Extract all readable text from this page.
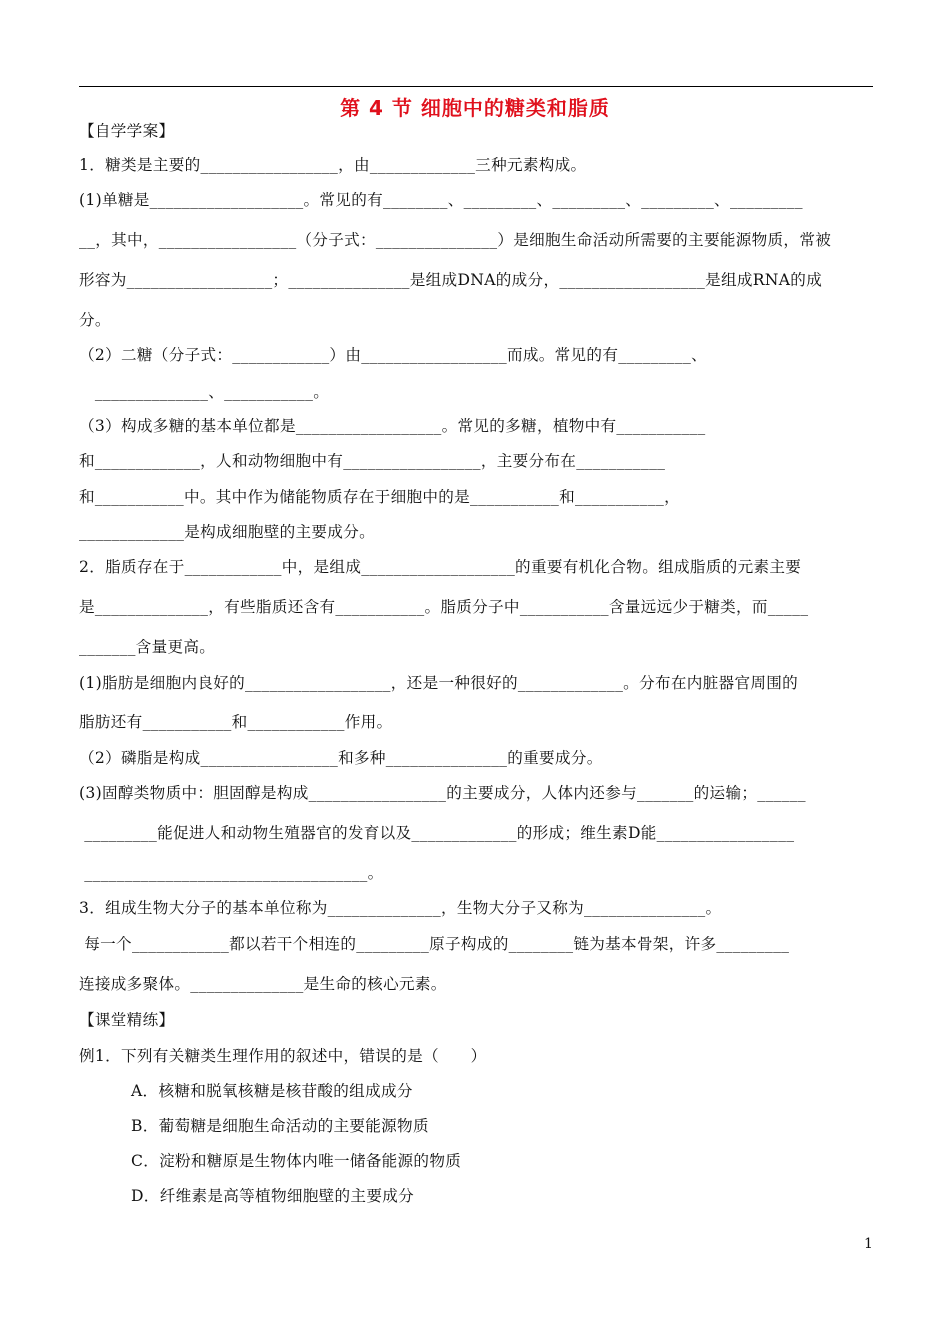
第 4 节 细胞中的糖类和脂质
【自学学案】
1．糖类是主要的_________________，由_____________三种元素构成。
(1)单糖是___________________。常见的有________、_________、_________、_________、_________
__，其中，_________________（分子式：_______________）是细胞生命活动所需要的主要能源物质，常被
形容为__________________；_______________是组成DNA的成分，__________________是组成RNA的成
分。
（2）二糖（分子式：____________）由__________________而成。常见的有_________、
　______________、___________。
（3）构成多糖的基本单位都是__________________。常见的多糖，植物中有___________
和_____________，人和动物细胞中有_________________，主要分布在___________
和___________中。其中作为储能物质存在于细胞中的是___________和___________，
_____________是构成细胞壁的主要成分。
2．脂质存在于____________中，是组成___________________的重要有机化合物。组成脂质的元素主要
是______________，有些脂质还含有___________。脂质分子中___________含量远远少于糖类，而_____
_______含量更高。
(1)脂肪是细胞内良好的__________________，还是一种很好的_____________。分布在内脏器官周围的
脂肪还有___________和____________作用。
（2）磷脂是构成_________________和多种_______________的重要成分。
(3)固醇类物质中：胆固醇是构成_________________的主要成分，人体内还参与_______的运输；______
_________能促进人和动物生殖器官的发育以及_____________的形成；维生素D能_________________
___________________________________。
3．组成生物大分子的基本单位称为______________，生物大分子又称为_______________。
每一个____________都以若干个相连的_________原子构成的________链为基本骨架，许多_________
连接成多聚体。______________是生命的核心元素。
【课堂精练】
例1．下列有关糖类生理作用的叙述中，错误的是（　　）
A．核糖和脱氧核糖是核苷酸的组成成分
B．葡萄糖是细胞生命活动的主要能源物质
C．淀粉和糖原是生物体内唯一储备能源的物质
D．纤维素是高等植物细胞壁的主要成分
1
